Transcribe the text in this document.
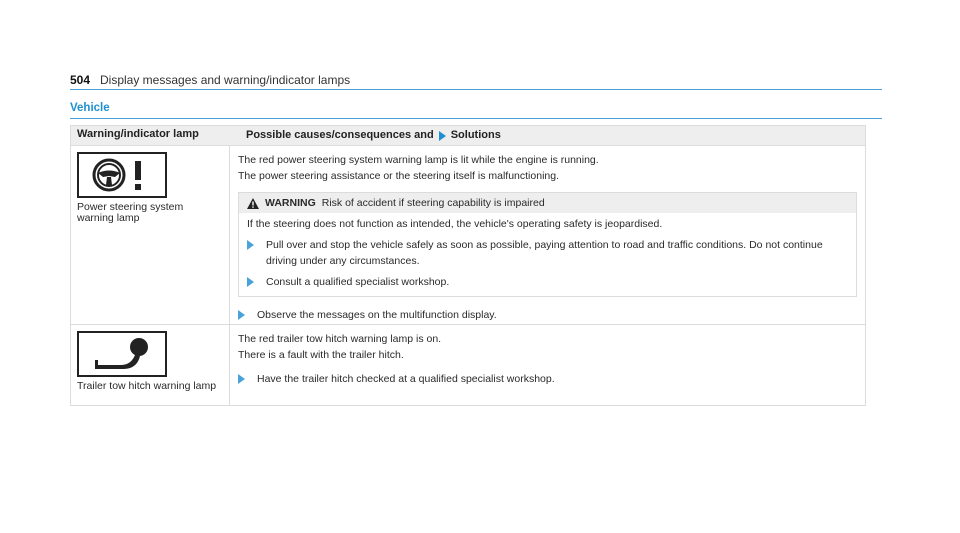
504 Display messages and warning/indicator lamps
Vehicle
Warning/indicator lamp	Possible causes/consequences and Solutions
Power steering system warning lamp

The red power steering system warning lamp is lit while the engine is running.

The power steering assistance or the steering itself is malfunctioning.

WARNING Risk of accident if steering capability is impaired

If the steering does not function as intended, the vehicle's operating safety is jeopardised.

Pull over and stop the vehicle safely as soon as possible, paying attention to road and traffic conditions. Do not continue driving under any circumstances.
Consult a qualified specialist workshop.
Observe the messages on the multifunction display.
Trailer tow hitch warning lamp

The red trailer tow hitch warning lamp is on.

There is a fault with the trailer hitch.

Have the trailer hitch checked at a qualified specialist workshop.
